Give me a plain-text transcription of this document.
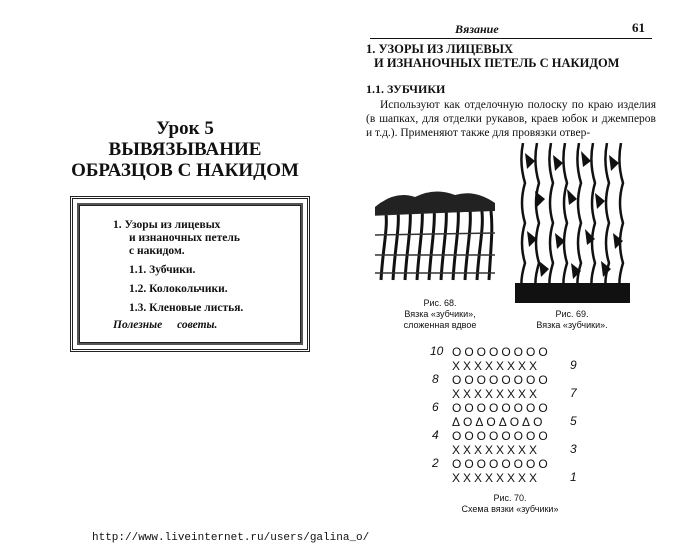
Урок 5
ВЫВЯЗЫВАНИЕ
ОБРАЗЦОВ С НАКИДОМ
1. Узоры из лицевых
и изнаночных петель
с накидом.
1.1. Зубчики.
1.2. Колокольчики.
1.3. Кленовые листья.
Полезные советы.
Вязание	61
1. УЗОРЫ ИЗ ЛИЦЕВЫХ
И ИЗНАНОЧНЫХ ПЕТЕЛЬ С НАКИДОМ
1.1. ЗУБЧИКИ
Используют как отделочную полоску по краю изделия (в шапках, для отделки рукавов, краев юбок и джемперов и т.д.). Применяют также для провязки отвер-
Рис. 68.
Вязка «зубчики»,
сложенная вдвое
Рис. 69.
Вязка «зубчики».
10
8
6
4
2
9
7
5
3
1
OOOOOOOO
XXXXXXXX
OOOOOOOO
XXXXXXXX
OOOOOOOO
ΔOΔOΔOΔO
OOOOOOOO
XXXXXXXX
OOOOOOOO
XXXXXXXX
Рис. 70.
Схема вязки «зубчики»
http://www.liveinternet.ru/users/galina_o/
